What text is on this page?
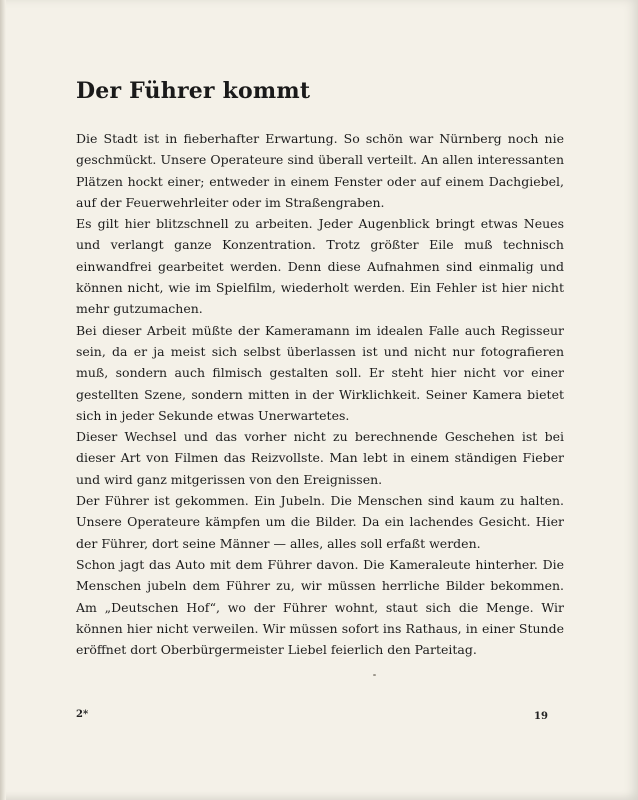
Der Führer kommt

Die Stadt ist in fieberhafter Erwartung. So schön war Nürnberg noch nie geschmückt. Unsere Operateure sind überall verteilt. An allen interessanten Plätzen hockt einer; entweder in einem Fenster oder auf einem Dachgiebel, auf der Feuerwehrleiter oder im Straßengraben.

Es gilt hier blitzschnell zu arbeiten. Jeder Augenblick bringt etwas Neues und verlangt ganze Konzentration. Trotz größter Eile muß technisch einwandfrei gearbeitet werden. Denn diese Aufnahmen sind einmalig und können nicht, wie im Spielfilm, wiederholt werden. Ein Fehler ist hier nicht mehr gutzumachen.

Bei dieser Arbeit müßte der Kameramann im idealen Falle auch Regisseur sein, da er ja meist sich selbst überlassen ist und nicht nur fotografieren muß, sondern auch filmisch gestalten soll. Er steht hier nicht vor einer gestellten Szene, sondern mitten in der Wirklichkeit. Seiner Kamera bietet sich in jeder Sekunde etwas Unerwartetes.

Dieser Wechsel und das vorher nicht zu berechnende Geschehen ist bei dieser Art von Filmen das Reizvollste. Man lebt in einem ständigen Fieber und wird ganz mitgerissen von den Ereignissen.

Der Führer ist gekommen. Ein Jubeln. Die Menschen sind kaum zu halten. Unsere Operateure kämpfen um die Bilder. Da ein lachendes Gesicht. Hier der Führer, dort seine Männer — alles, alles soll erfaßt werden.

Schon jagt das Auto mit dem Führer davon. Die Kameraleute hinterher. Die Menschen jubeln dem Führer zu, wir müssen herrliche Bilder bekommen. Am „Deutschen Hof“, wo der Führer wohnt, staut sich die Menge. Wir können hier nicht verweilen. Wir müssen sofort ins Rathaus, in einer Stunde eröffnet dort Oberbürgermeister Liebel feierlich den Parteitag.

2*	19
